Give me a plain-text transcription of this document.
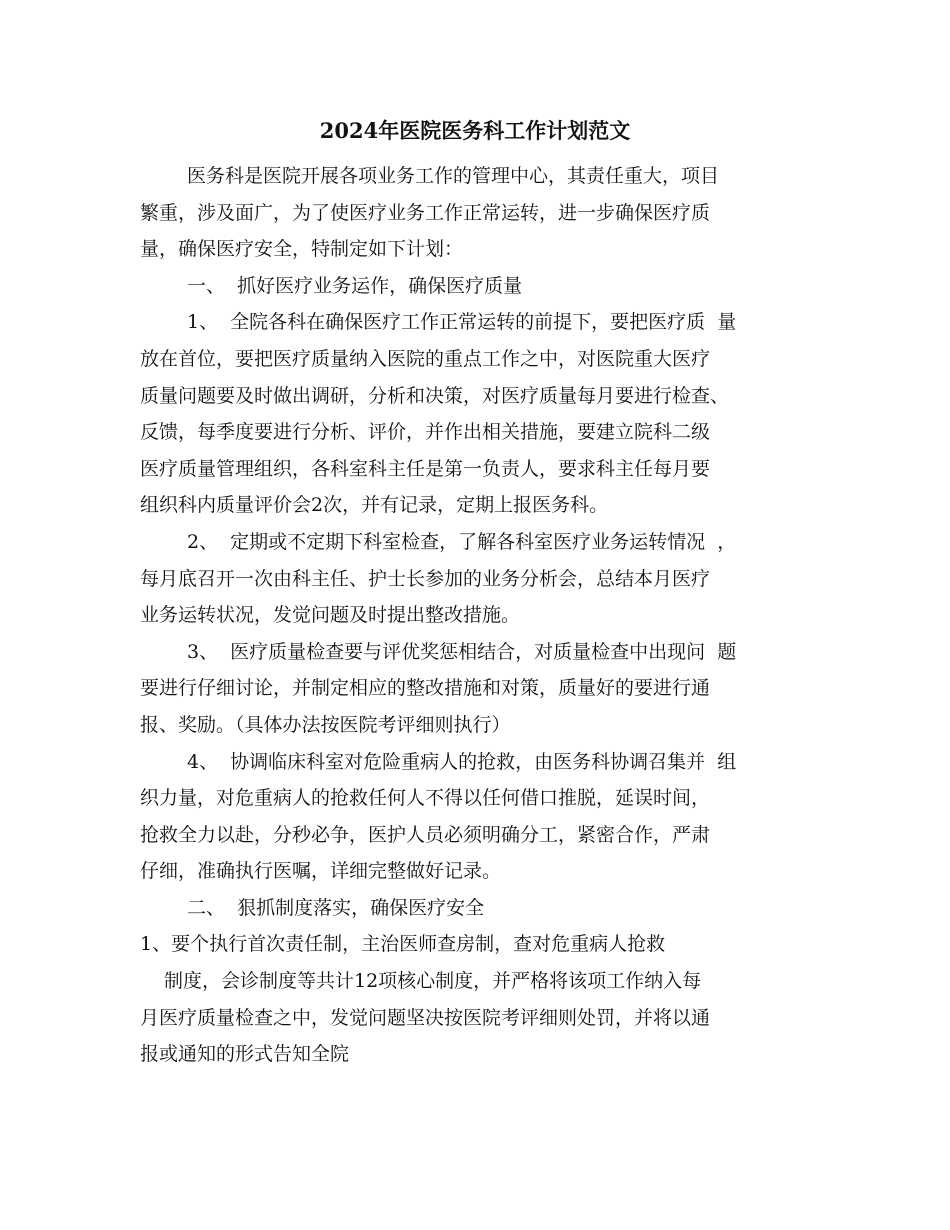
2024年医院医务科工作计划范文
医务科是医院开展各项业务工作的管理中心，其责任重大，项目
繁重，涉及面广，为了使医疗业务工作正常运转，进一步确保医疗质
量，确保医疗安全，特制定如下计划：
一、  抓好医疗业务运作，确保医疗质量
1、  全院各科在确保医疗工作正常运转的前提下，要把医疗质  量
放在首位，要把医疗质量纳入医院的重点工作之中，对医院重大医疗
质量问题要及时做出调研，分析和决策，对医疗质量每月要进行检查、
反馈，每季度要进行分析、评价，并作出相关措施，要建立院科二级
医疗质量管理组织，各科室科主任是第一负责人，要求科主任每月要
组织科内质量评价会2次，并有记录，定期上报医务科。
2、  定期或不定期下科室检查，了解各科室医疗业务运转情况  ，
每月底召开一次由科主任、护士长参加的业务分析会，总结本月医疗
业务运转状况，发觉问题及时提出整改措施。
3、  医疗质量检查要与评优奖惩相结合，对质量检查中出现问  题
要进行仔细讨论，并制定相应的整改措施和对策，质量好的要进行通
报、奖励。（具体办法按医院考评细则执行）
4、  协调临床科室对危险重病人的抢救，由医务科协调召集并  组
织力量，对危重病人的抢救任何人不得以任何借口推脱，延误时间，
抢救全力以赴，分秒必争，医护人员必须明确分工，紧密合作，严肃
仔细，准确执行医嘱，详细完整做好记录。
二、  狠抓制度落实，确保医疗安全
1、要个执行首次责任制，主治医师查房制，查对危重病人抢救
制度，会诊制度等共计12项核心制度，并严格将该项工作纳入每
月医疗质量检查之中，发觉问题坚决按医院考评细则处罚，并将以通
报或通知的形式告知全院
